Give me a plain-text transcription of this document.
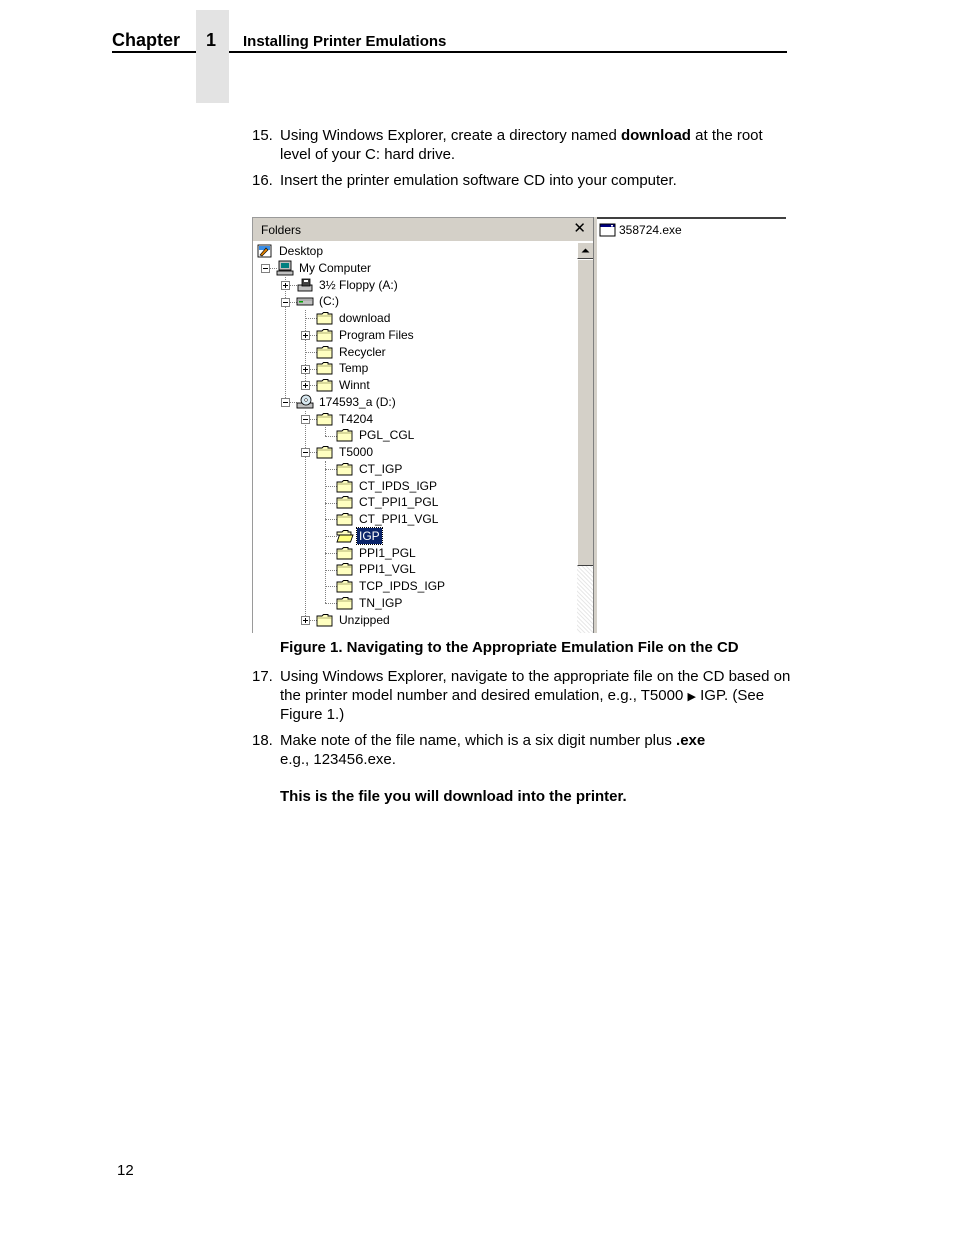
Chapter 1 Installing Printer Emulations
15. Using Windows Explorer, create a directory named download at the root level of your C: hard drive.
16. Insert the printer emulation software CD into your computer.
Folders	✕
Desktop
My Computer
3½ Floppy (A:)
(C:)
download
Program Files
Recycler
Temp
Winnt
174593_a (D:)
T4204
PGL_CGL
T5000
CT_IGP
CT_IPDS_IGP
CT_PPI1_PGL
CT_PPI1_VGL
IGP
PPI1_PGL
PPI1_VGL
TCP_IPDS_IGP
TN_IGP
Unzipped
358724.exe
Figure 1. Navigating to the Appropriate Emulation File on the CD
17. Using Windows Explorer, navigate to the appropriate file on the CD based on the printer model number and desired emulation, e.g., T5000 ▶ IGP. (See Figure 1.)
18. Make note of the file name, which is a six digit number plus .exe
e.g., 123456.exe.
This is the file you will download into the printer.
12
